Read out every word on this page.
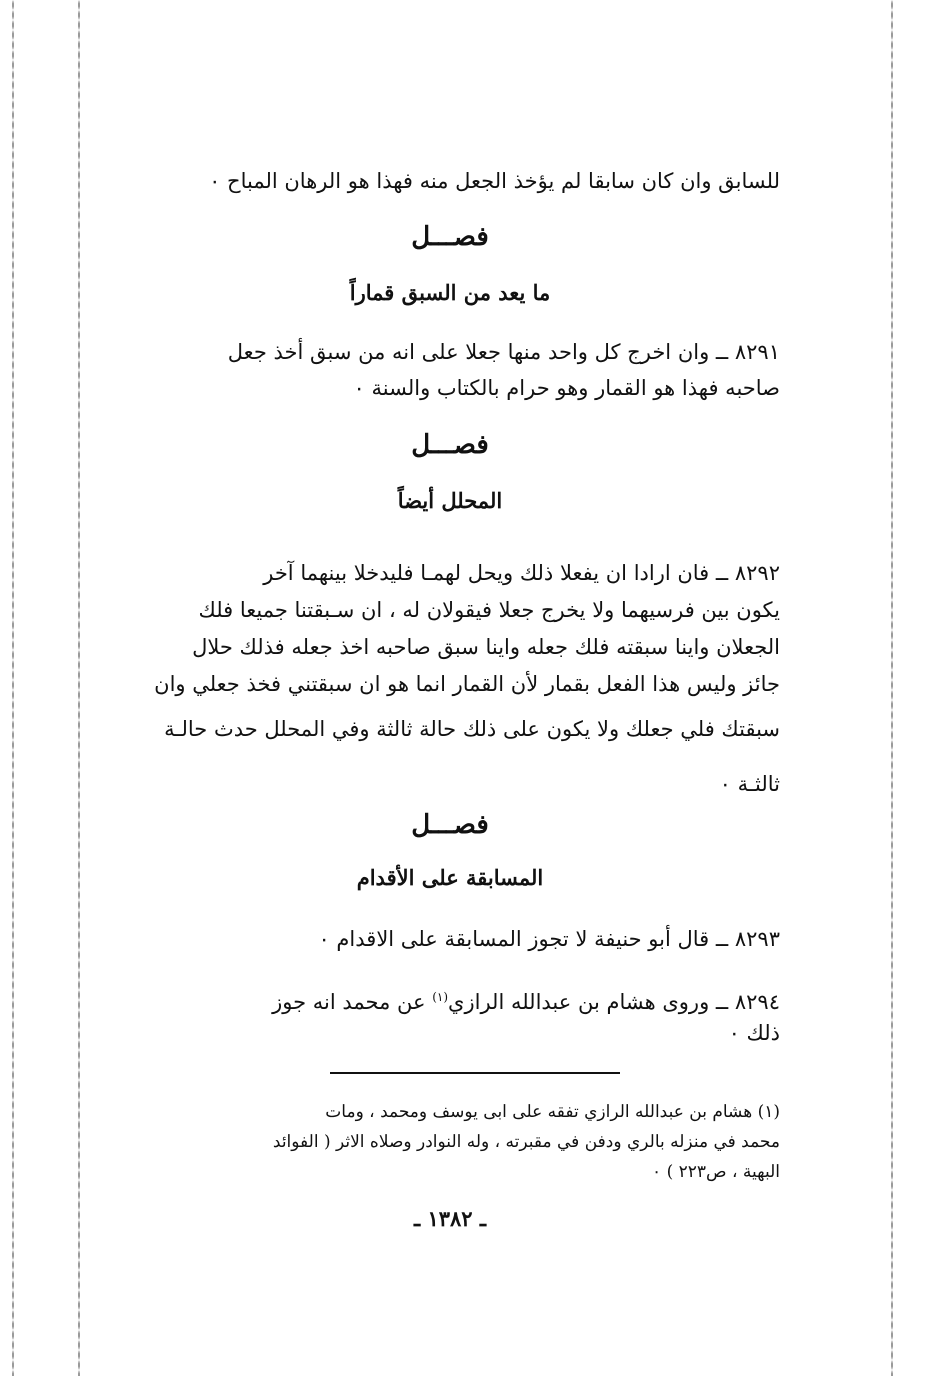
للسابق وان كان سابقا لم يؤخذ الجعل منه فهذا هو الرهان المباح ٠
فصـــل
ما يعد من السبق قماراً
٨٢٩١ ــ وان اخرج كل واحد منها جعلا على انه من سبق أخذ جعل
صاحبه فهذا هو القمار وهو حرام بالكتاب والسنة ٠
فصـــل
المحلل أيضاً
٨٢٩٢ ــ فان ارادا ان يفعلا ذلك ويحل لهمـا فليدخلا بينهما آخر
يكون بين فرسيهما ولا يخرج جعلا فيقولان له ، ان سـبقتنا جميعا فلك
الجعلان واينا سبقته فلك جعله واينا سبق صاحبه اخذ جعله فذلك حلال
جائز وليس هذا الفعل بقمار لأن القمار انما هو ان سبقتني فخذ جعلي وان
سبقتك فلي جعلك ولا يكون على ذلك حالة ثالثة وفي المحلل حدث حالـة
ثالثـة ٠
فصـــل
المسابقة على الأقدام
٨٢٩٣ ــ قال أبو حنيفة لا تجوز المسابقة على الاقدام ٠
٨٢٩٤ ــ وروى هشام بن عبدالله الرازي$^{(١)}$ عن محمد انه جوز
ذلك ٠
(١) هشام بن عبدالله الرازي تفقه على ابى يوسف ومحمد ، ومات
محمد في منزله بالري ودفن في مقبرته ، وله النوادر وصلاه الاثر ( الفوائد
البهية ، ص٢٢٣ ) ٠
ـ ١٣٨٢ ـ
